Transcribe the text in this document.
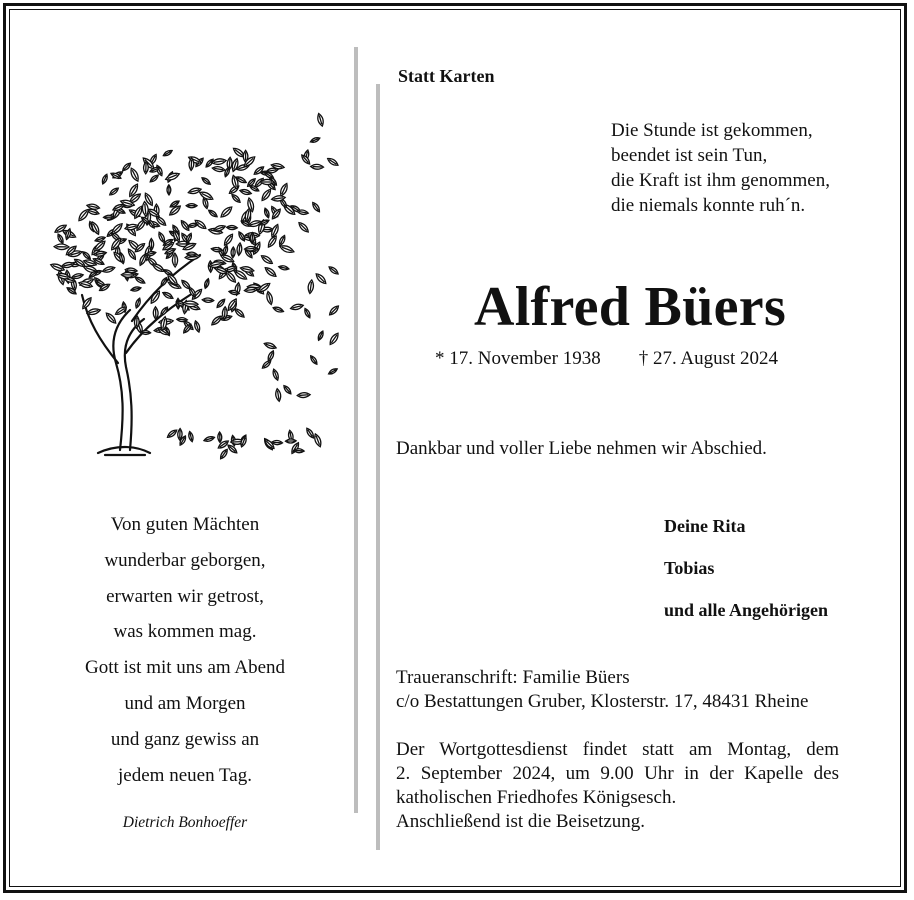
Von guten Mächten
wunderbar geborgen,
erwarten wir getrost,
was kommen mag.
Gott ist mit uns am Abend
und am Morgen
und ganz gewiss an
jedem neuen Tag.
Dietrich Bonhoeffer
Statt Karten
Die Stunde ist gekommen,
beendet ist sein Tun,
die Kraft ist ihm genommen,
die niemals konnte ruh´n.
Alfred Büers
* 17. November 1938 † 27. August 2024
Dankbar und voller Liebe nehmen wir Abschied.
Deine Rita
Tobias
und alle Angehörigen
Traueranschrift: Familie Büers
c/o Bestattungen Gruber, Klosterstr. 17, 48431 Rheine
Der Wortgottesdienst findet statt am Montag, dem
2. September 2024, um 9.00 Uhr in der Kapelle des
katholischen Friedhofes Königsesch.
Anschließend ist die Beisetzung.
